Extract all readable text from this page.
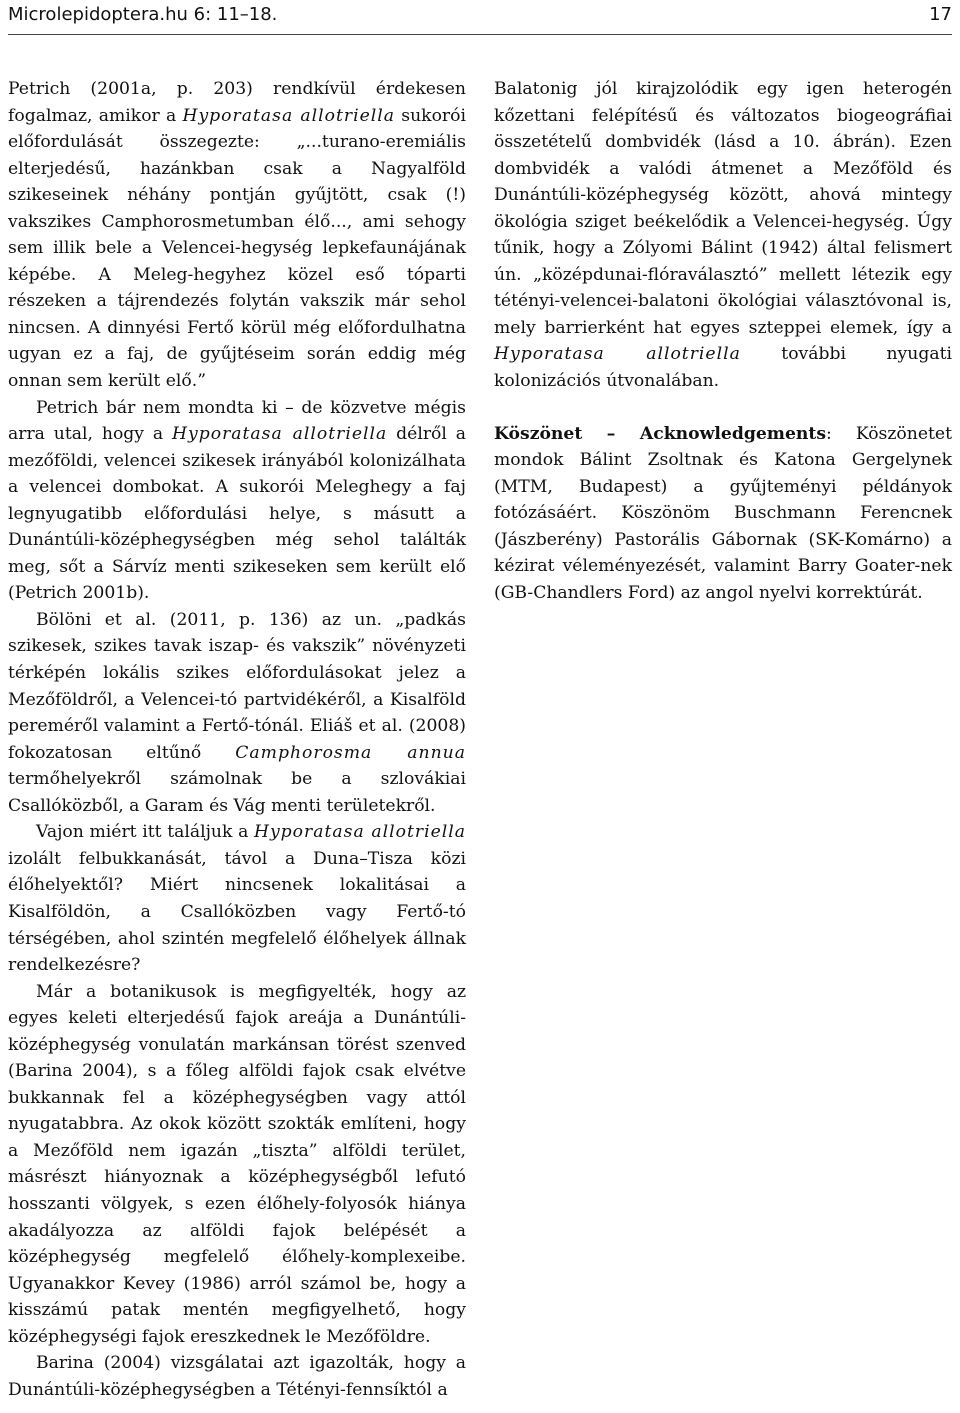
Microlepidoptera.hu 6: 11–18.	17

Petrich (2001a, p. 203) rendkívül érdekesen fogalmaz, amikor a Hyporatasa allotriella sukorói előfordulását összegezte: „...turano-eremiális elterjedésű, hazánkban csak a Nagyalföld szikeseinek néhány pontján gyűjtött, csak (!) vakszikes Camphorosmetumban élő..., ami sehogy sem illik bele a Velencei-hegység lepkefaunájának képébe. A Meleg-hegyhez közel eső tóparti részeken a tájrendezés folytán vakszik már sehol nincsen. A dinnyési Fertő körül még előfordulhatna ugyan ez a faj, de gyűjtéseim során eddig még onnan sem került elő.”

Petrich bár nem mondta ki – de közvetve mégis arra utal, hogy a Hyporatasa allotriella délről a mezőföldi, velencei szikesek irányából kolonizálhata a velencei dombokat. A sukorói Meleghegy a faj legnyugatibb előfordulási helye, s másutt a Dunántúli-középhegységben még sehol találták meg, sőt a Sárvíz menti szikeseken sem került elő (Petrich 2001b).

Bölöni et al. (2011, p. 136) az un. „padkás szikesek, szikes tavak iszap- és vakszik” növényzeti térképén lokális szikes előfordulásokat jelez a Mezőföldről, a Velencei-tó partvidékéről, a Kisalföld pereméről valamint a Fertő-tónál. Eliáš et al. (2008) fokozatosan eltűnő Camphorosma annua termőhelyekről számolnak be a szlovákiai Csallóközből, a Garam és Vág menti területekről.

Vajon miért itt találjuk a Hyporatasa allotriella izolált felbukkanását, távol a Duna–Tisza közi élőhelyektől? Miért nincsenek lokalitásai a Kisalföldön, a Csallóközben vagy Fertő-tó térségében, ahol szintén megfelelő élőhelyek állnak rendelkezésre?

Már a botanikusok is megfigyelték, hogy az egyes keleti elterjedésű fajok areája a Dunántúli-középhegység vonulatán markánsan törést szenved (Barina 2004), s a főleg alföldi fajok csak elvétve bukkannak fel a középhegységben vagy attól nyugatabbra. Az okok között szokták említeni, hogy a Mezőföld nem igazán „tiszta” alföldi terület, másrészt hiányoznak a középhegységből lefutó hosszanti völgyek, s ezen élőhely-folyosók hiánya akadályozza az alföldi fajok belépését a középhegység megfelelő élőhely-komplexeibe. Ugyanakkor Kevey (1986) arról számol be, hogy a kisszámú patak mentén megfigyelhető, hogy középhegységi fajok ereszkednek le Mezőföldre.

Barina (2004) vizsgálatai azt igazolták, hogy a Dunántúli-középhegységben a Tétényi-fennsíktól a

Balatonig jól kirajzolódik egy igen heterogén kőzettani felépítésű és változatos biogeográfiai összetételű dombvidék (lásd a 10. ábrán). Ezen dombvidék a valódi átmenet a Mezőföld és Dunántúli-középhegység között, ahová mintegy ökológia sziget beékelődik a Velencei-hegység. Úgy tűnik, hogy a Zólyomi Bálint (1942) által felismert ún. „középdunai-flóraválasztó” mellett létezik egy tétényi-velencei-balatoni ökológiai választóvonal is, mely barrierként hat egyes szteppei elemek, így a Hyporatasa allotriella további nyugati kolonizációs útvonalában.

Köszönet – Acknowledgements: Köszönetet mondok Bálint Zsoltnak és Katona Gergelynek (MTM, Budapest) a gyűjteményi példányok fotózásáért. Köszönöm Buschmann Ferencnek (Jászberény) Pastorális Gábornak (SK-Komárno) a kézirat véleményezését, valamint Barry Goater-nek (GB-Chandlers Ford) az angol nyelvi korrektúrát.
